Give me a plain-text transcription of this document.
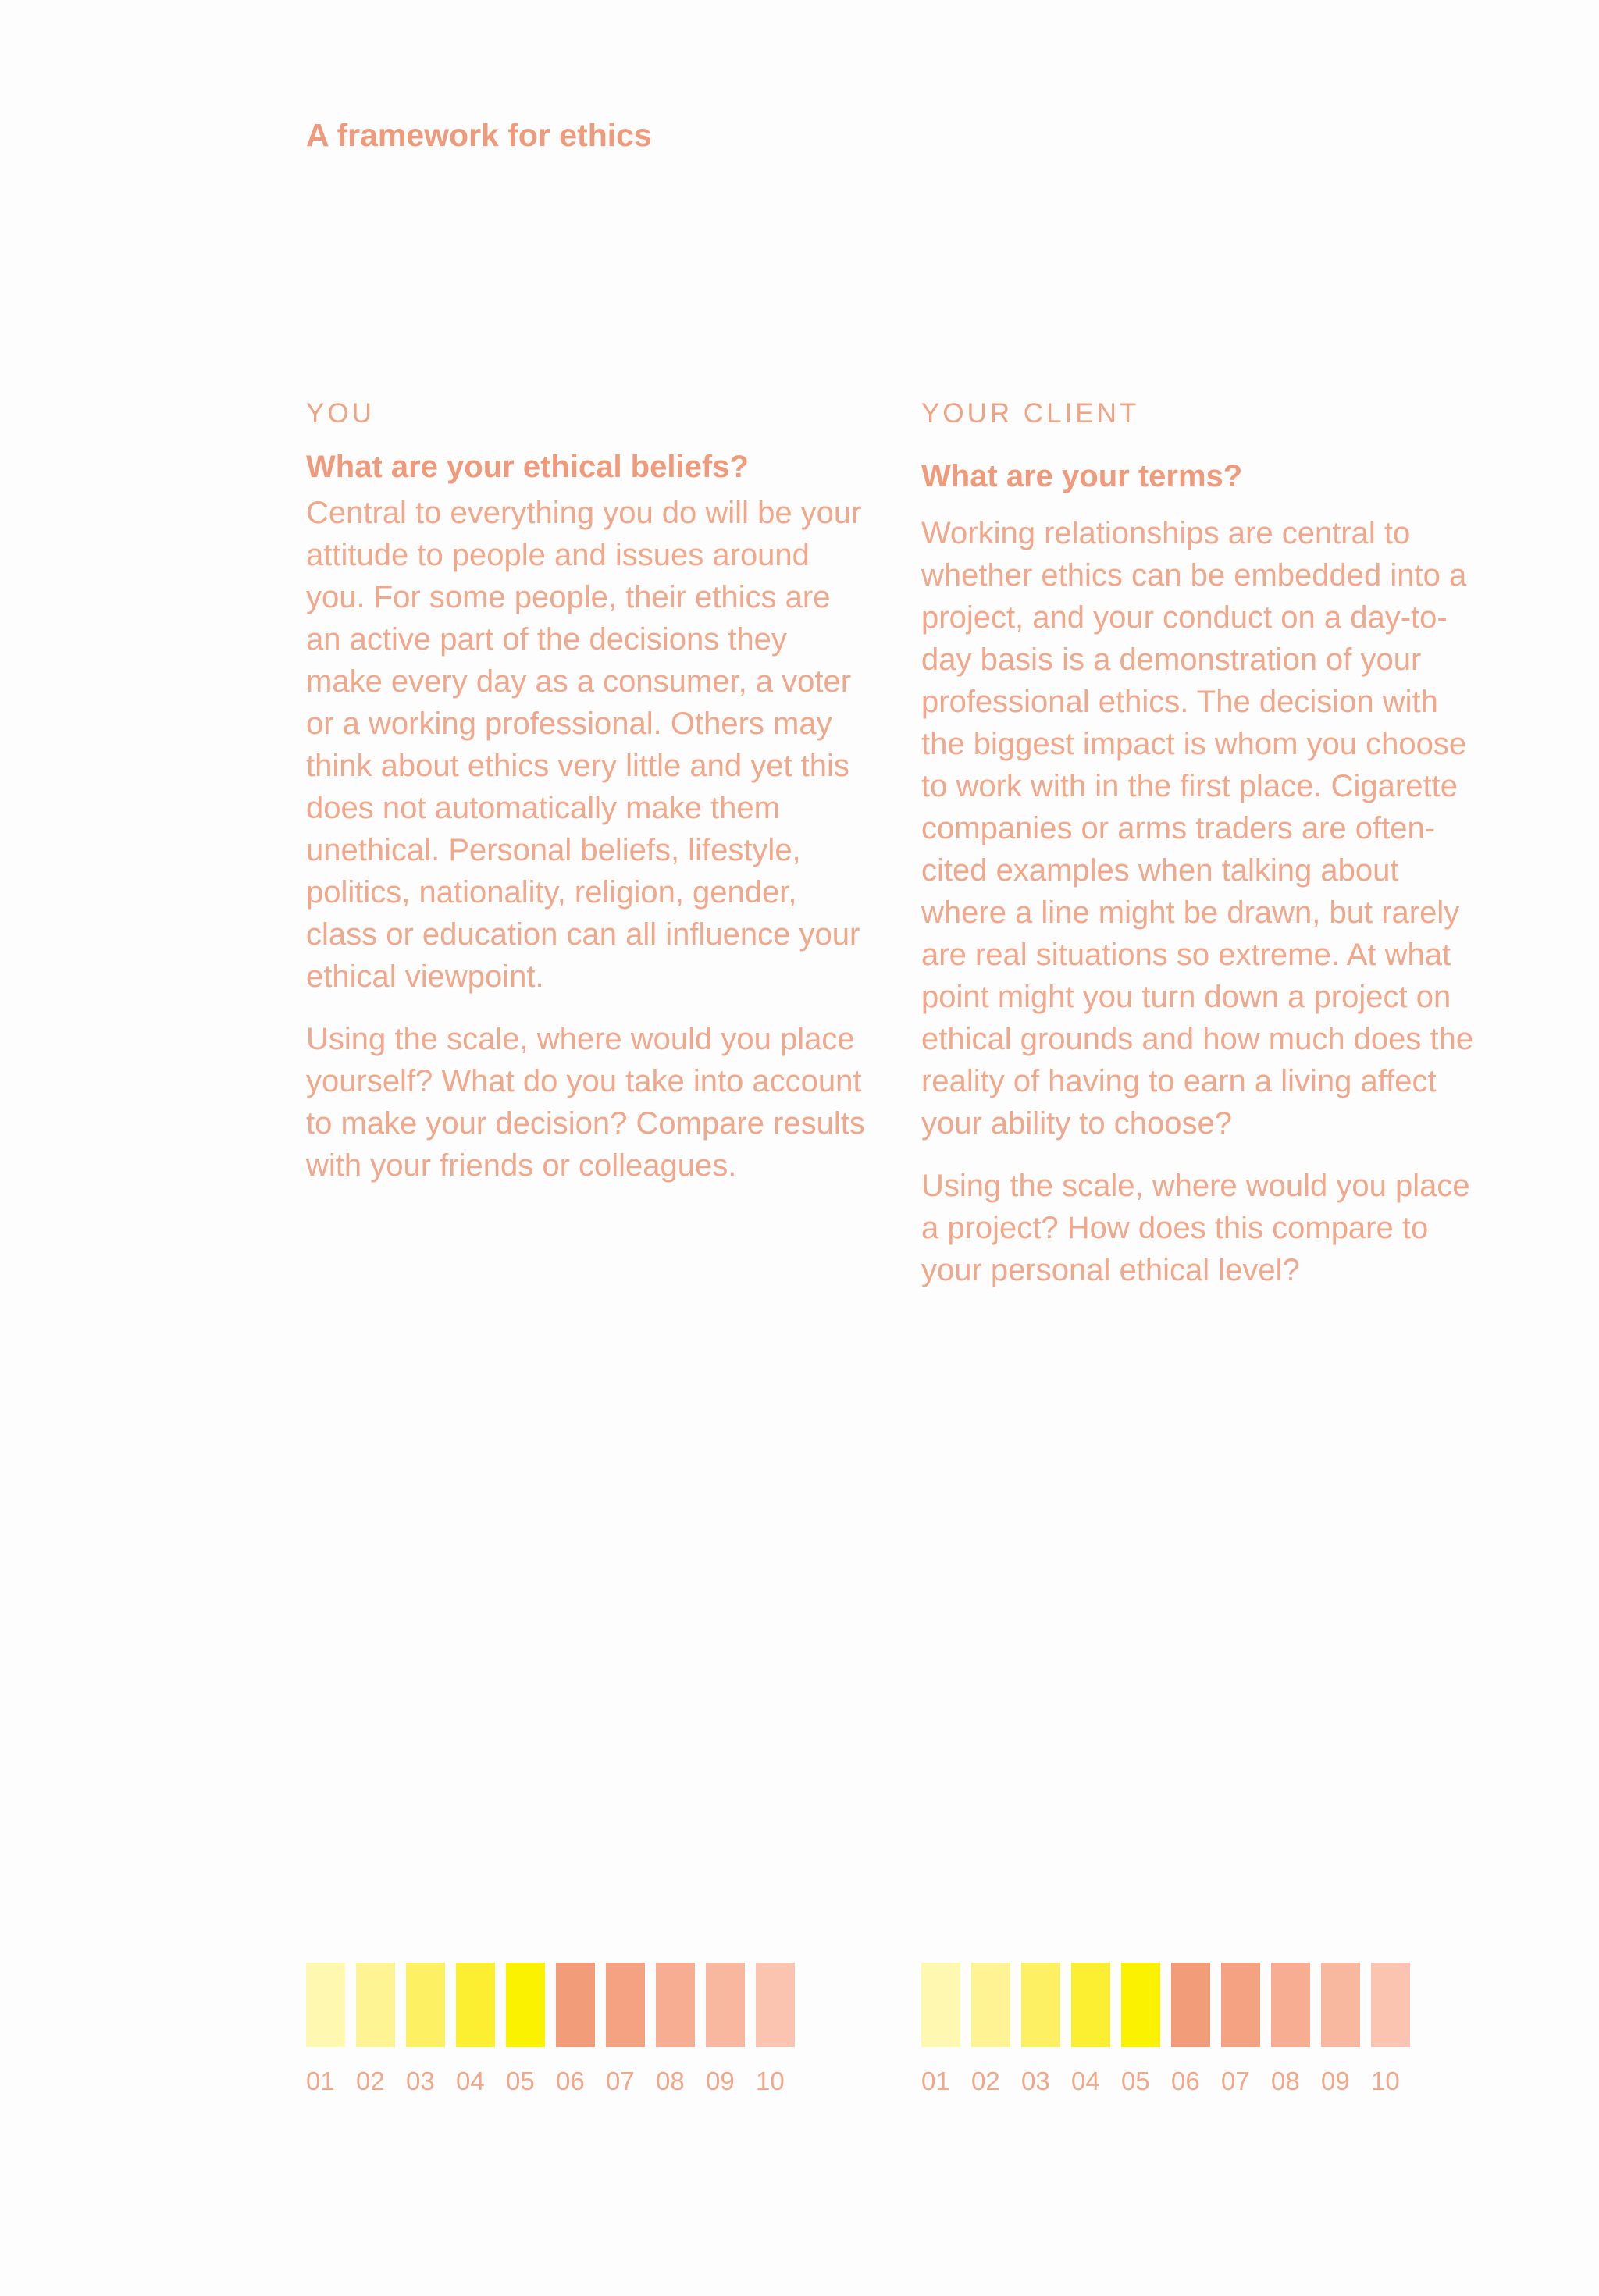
A framework for ethics

YOU

What are your ethical beliefs?

Central to everything you do will be your attitude to people and issues around you. For some people, their ethics are an active part of the decisions they make every day as a consumer, a voter or a working professional. Others may think about ethics very little and yet this does not automatically make them unethical. Personal beliefs, lifestyle, politics, nationality, religion, gender, class or education can all influence your ethical viewpoint.

Using the scale, where would you place yourself? What do you take into account to make your decision? Compare results with your friends or colleagues.

YOUR CLIENT

What are your terms?

Working relationships are central to whether ethics can be embedded into a project, and your conduct on a day-to-day basis is a demonstration of your professional ethics. The decision with the biggest impact is whom you choose to work with in the first place. Cigarette companies or arms traders are often-cited examples when talking about where a line might be drawn, but rarely are real situations so extreme. At what point might you turn down a project on ethical grounds and how much does the reality of having to earn a living affect your ability to choose?

Using the scale, where would you place a project? How does this compare to your personal ethical level?

01 02 03 04 05 06 07 08 09 10	01 02 03 04 05 06 07 08 09 10
